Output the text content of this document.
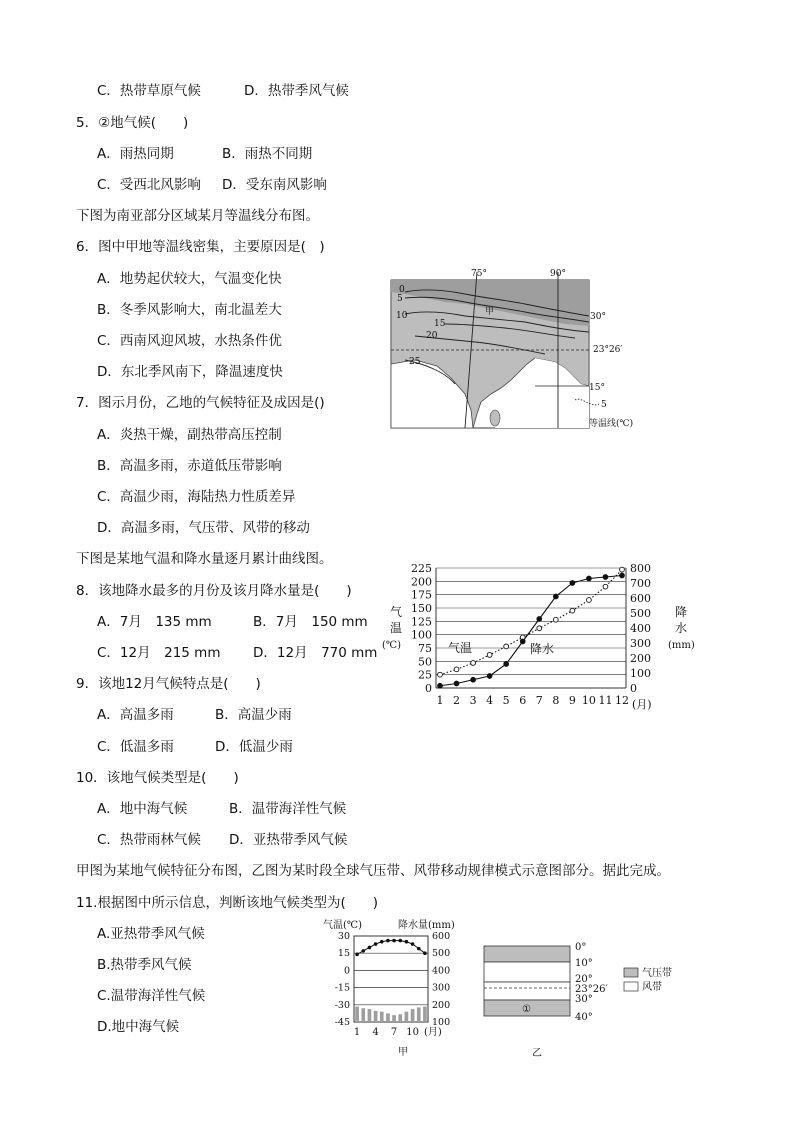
C．热带草原气候	D．热带季风气候
5．②地气候(　　)
A．雨热同期	B．雨热不同期
C．受西北风影响 D．受东南风影响
下图为南亚部分区域某月等温线分布图。
6．图中甲地等温线密集，主要原因是(　)
A．地势起伏较大，气温变化快
B．冬季风影响大，南北温差大
C．西南风迎风坡，水热条件优
D．东北季风南下，降温速度快
7．图示月份，乙地的气候特征及成因是()
A．炎热干燥，副热带高压控制
B．高温多雨，赤道低压带影响
C．高温少雨，海陆热力性质差异
D．高温多雨，气压带、风带的移动
下图是某地气温和降水量逐月累计曲线图。
8．该地降水最多的月份及该月降水量是(　　)
A．7月　135 mm	B．7月　150 mm
C．12月　215 mm D．12月　770 mm
9．该地12月气候特点是(　　)
A．高温多雨	B．高温少雨
C．低温多雨	D．低温少雨
10．该地气候类型是(　　)
A．地中海气候	B．温带海洋性气候
C．热带雨林气候 D．亚热带季风气候
甲图为某地气候特征分布图，乙图为某时段全球气压带、风带移动规律模式示意图部分。据此完成。
11.根据图中所示信息，判断该地气候类型为(　　)
A.亚热带季风气候
B.热带季风气候
C.温带海洋性气候
D.地中海气候
75°	90°
30°
23°26′
15°
0
5
10
15
20
25
甲
5
等温线(℃)
0
25
50
75
100
125
150
175
200
225
0
100
200
300
400
500
600
700
800
1 2 3 4 5 6 7 8 9 10 11 12
气
温
(℃)
降
水
(mm)
气温	降水
(月)
气温(℃)	降水量(mm)
30
15
0
-15
-30
-45
600
500
400
300
200
100
1 4 7 10 (月)
甲
①
0°
10°
20°
23°26′
30°
40°
气压带
风带
乙
